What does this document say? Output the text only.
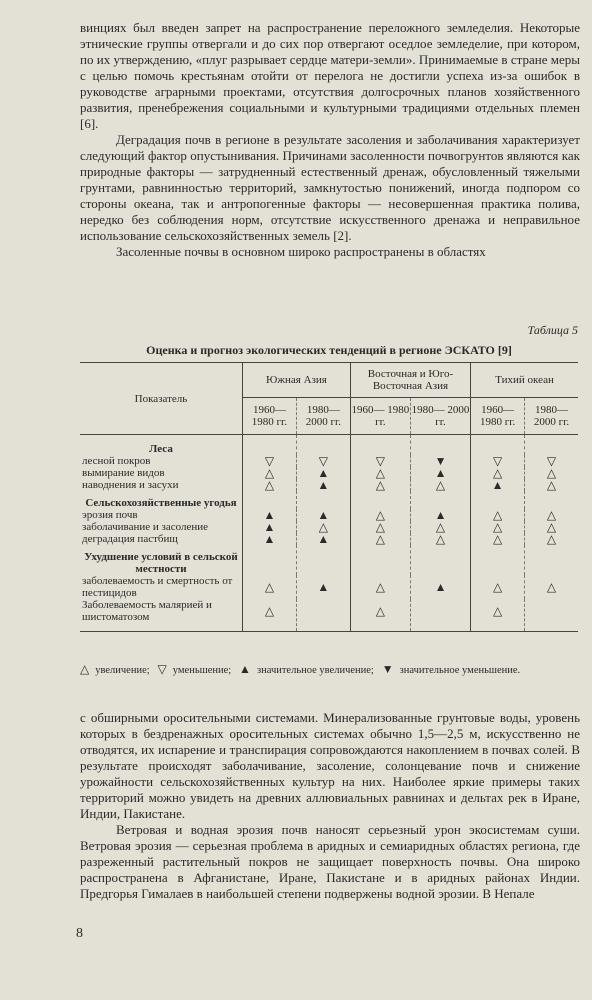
винциях был введен запрет на распространение переложного земледелия. Некоторые этнические группы отвергали и до сих пор отвергают оседлое земледелие, при котором, по их утверждению, «плуг разрывает сердце матери-земли». Принимаемые в стране меры с целью помочь крестьянам отойти от перелога не достигли успеха из-за ошибок в руководстве аграрными проектами, отсутствия долгосрочных планов хозяйственного развития, пренебрежения социальными и культурными традициями отдельных племен [6].

Деградация почв в регионе в результате засоления и заболачивания характеризует следующий фактор опустынивания. Причинами засоленности почвогрунтов являются как природные факторы — затрудненный естественный дренаж, обусловленный тяжелыми грунтами, равнинностью территорий, замкнутостью понижений, иногда подпором со стороны океана, так и антропогенные факторы — несовершенная практика полива, нередко без соблюдения норм, отсутствие искусственного дренажа и неправильное использование сельскохозяйственных земель [2].

Засоленные почвы в основном широко распространены в областях

Таблица 5
Оценка и прогноз экологических тенденций в регионе ЭСКАТО [9]
Показатель	Южная Азия		Восточная и Юго-Восточная Азия		Тихий океан	
	1960— 1980 гг.	1980— 2000 гг.	1960— 1980 гг.	1980— 2000 гг.	1960— 1980 гг.	1980— 2000 гг.
Леса						
лесной покров	▽	▽	▽	▼	▽	▽
вымирание видов	△	▲	△	▲	△	△
наводнения и засухи	△	▲	△	△	▲	△
Сельскохозяйственные угодья						
эрозия почв	▲	▲	△	▲	△	△
заболачивание и засоление	▲	△	△	△	△	△
деградация пастбищ	▲	▲	△	△	△	△
Ухудшение условий в сельской местности						
заболеваемость и смертность от пестицидов	△	▲	△	▲	△	△
Заболеваемость малярией и шистоматозом	△		△		△	
△ увеличение; ▽ уменьшение; ▲ значительное увеличение; ▼ значительное уменьшение.

с обширными оросительными системами. Минерализованные грунтовые воды, уровень которых в бездренажных оросительных системах обычно 1,5—2,5 м, искусственно не отводятся, их испарение и транспирация сопровождаются накоплением в почвах солей. В результате происходят заболачивание, засоление, солонцевание почв и снижение урожайности сельскохозяйственных культур на них. Наиболее яркие примеры таких территорий можно увидеть на древних аллювиальных равнинах и дельтах рек в Иране, Индии, Пакистане.

Ветровая и водная эрозия почв наносят серьезный урон экосистемам суши. Ветровая эрозия — серьезная проблема в аридных и семиаридных областях региона, где разреженный растительный покров не защищает поверхность почвы. Она широко распространена в Афганистане, Иране, Пакистане и в аридных районах Индии. Предгорья Гималаев в наибольшей степени подвержены водной эрозии. В Непале

8
